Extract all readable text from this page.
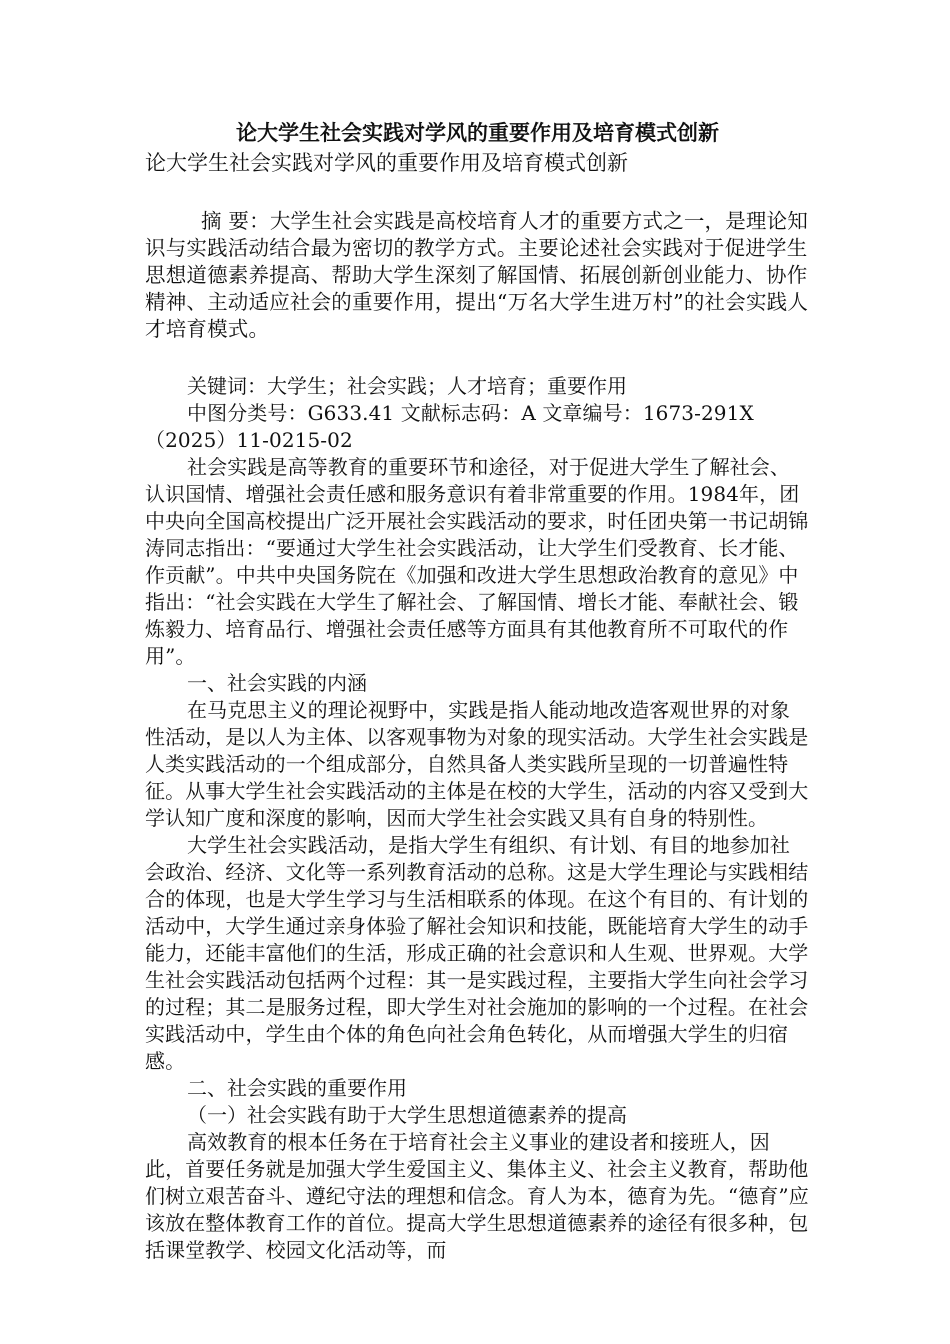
论大学生社会实践对学风的重要作用及培育模式创新

论大学生社会实践对学风的重要作用及培育模式创新

摘 要：大学生社会实践是高校培育人才的重要方式之一，是理论知识与实践活动结合最为密切的教学方式。主要论述社会实践对于促进学生思想道德素养提高、帮助大学生深刻了解国情、拓展创新创业能力、协作精神、主动适应社会的重要作用，提出“万名大学生进万村”的社会实践人才培育模式。

关键词：大学生；社会实践；人才培育；重要作用

中图分类号：G633.41 文献标志码：A 文章编号：1673-291X（2025）11-0215-02

社会实践是高等教育的重要环节和途径，对于促进大学生了解社会、认识国情、增强社会责任感和服务意识有着非常重要的作用。1984年，团中央向全国高校提出广泛开展社会实践活动的要求，时任团央第一书记胡锦涛同志指出：“要通过大学生社会实践活动，让大学生们受教育、长才能、作贡献”。中共中央国务院在《加强和改进大学生思想政治教育的意见》中指出：“社会实践在大学生了解社会、了解国情、增长才能、奉献社会、锻炼毅力、培育品行、增强社会责任感等方面具有其他教育所不可取代的作用”。

一、社会实践的内涵

在马克思主义的理论视野中，实践是指人能动地改造客观世界的对象性活动，是以人为主体、以客观事物为对象的现实活动。大学生社会实践是人类实践活动的一个组成部分，自然具备人类实践所呈现的一切普遍性特征。从事大学生社会实践活动的主体是在校的大学生，活动的内容又受到大学认知广度和深度的影响，因而大学生社会实践又具有自身的特别性。

大学生社会实践活动，是指大学生有组织、有计划、有目的地参加社会政治、经济、文化等一系列教育活动的总称。这是大学生理论与实践相结合的体现，也是大学生学习与生活相联系的体现。在这个有目的、有计划的活动中，大学生通过亲身体验了解社会知识和技能，既能培育大学生的动手能力，还能丰富他们的生活，形成正确的社会意识和人生观、世界观。大学生社会实践活动包括两个过程：其一是实践过程，主要指大学生向社会学习的过程；其二是服务过程，即大学生对社会施加的影响的一个过程。在社会实践活动中，学生由个体的角色向社会角色转化，从而增强大学生的归宿感。

二、社会实践的重要作用

（一）社会实践有助于大学生思想道德素养的提高

高效教育的根本任务在于培育社会主义事业的建设者和接班人，因此，首要任务就是加强大学生爱国主义、集体主义、社会主义教育，帮助他们树立艰苦奋斗、遵纪守法的理想和信念。育人为本，德育为先。“德育”应该放在整体教育工作的首位。提高大学生思想道德素养的途径有很多种，包括课堂教学、校园文化活动等，而
